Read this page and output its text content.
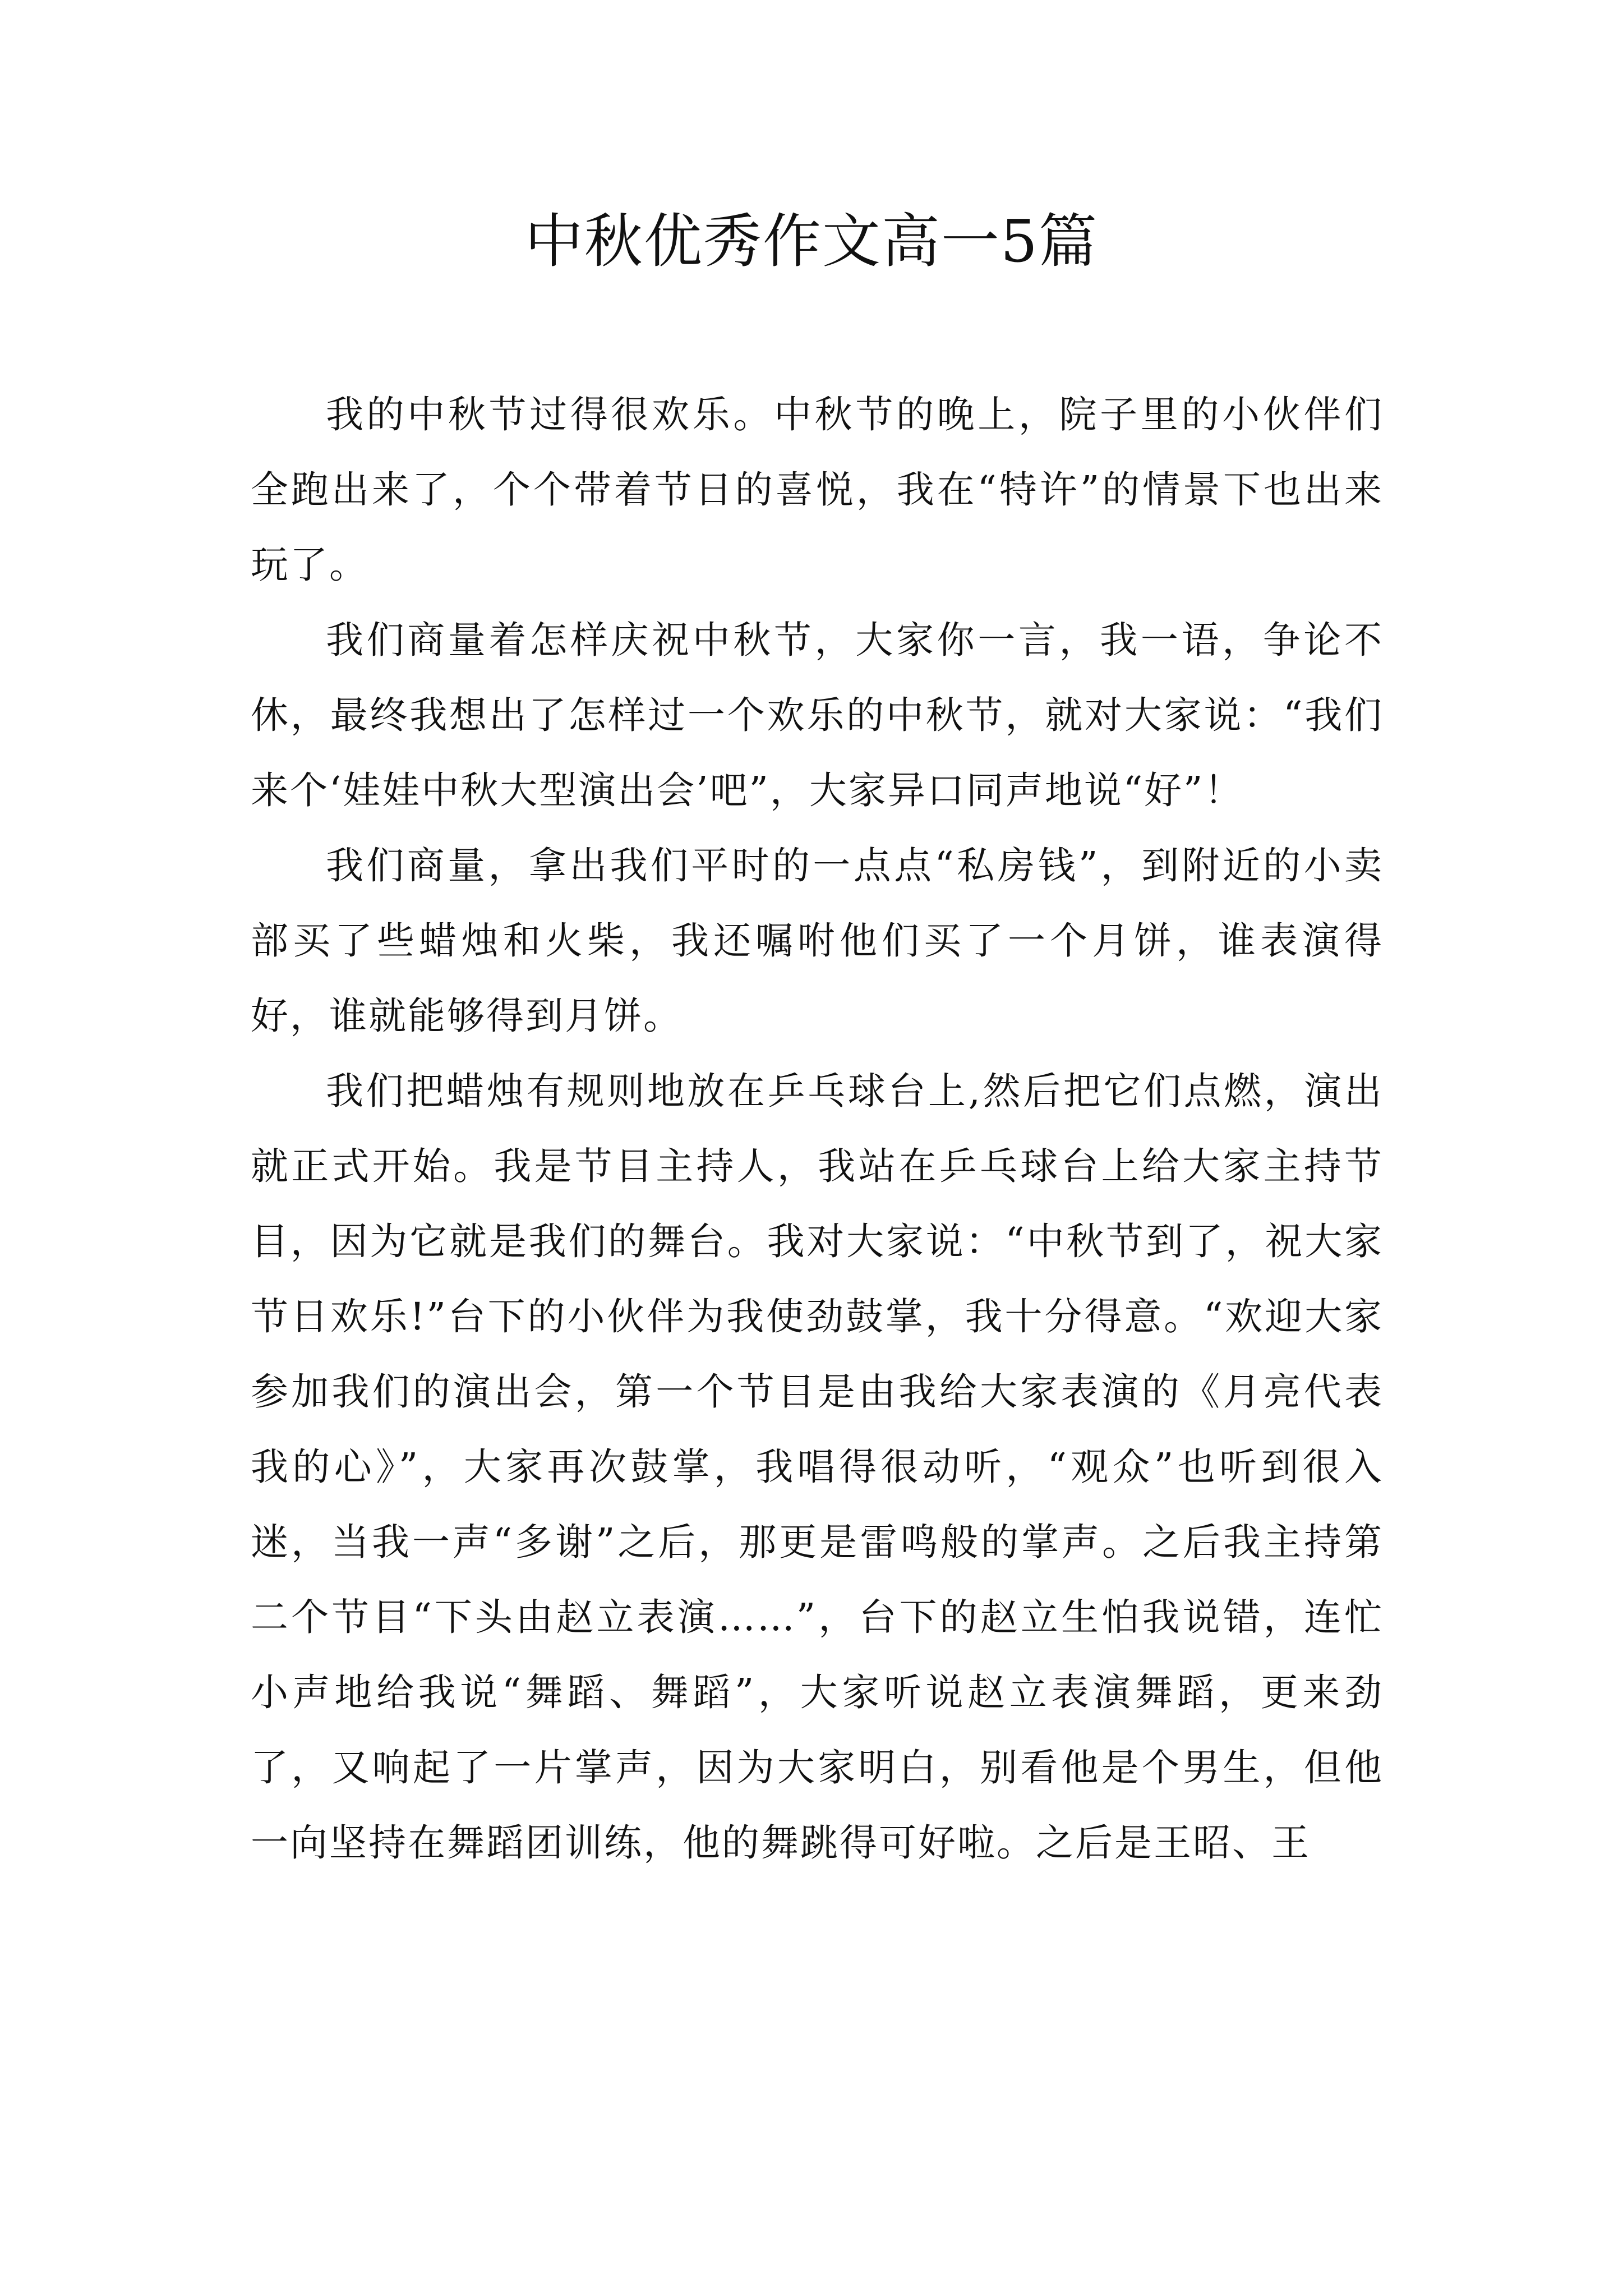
中秋优秀作文高一5篇

我的中秋节过得很欢乐。中秋节的晚上，院子里的小伙伴们全跑出来了，个个带着节日的喜悦，我在“特许”的情景下也出来玩了。

我们商量着怎样庆祝中秋节，大家你一言，我一语，争论不休，最终我想出了怎样过一个欢乐的中秋节，就对大家说：“我们来个‘娃娃中秋大型演出会’吧”，大家异口同声地说“好”！

我们商量，拿出我们平时的一点点“私房钱”，到附近的小卖部买了些蜡烛和火柴，我还嘱咐他们买了一个月饼，谁表演得好，谁就能够得到月饼。

我们把蜡烛有规则地放在乒乓球台上,然后把它们点燃，演出就正式开始。我是节目主持人，我站在乒乓球台上给大家主持节目，因为它就是我们的舞台。我对大家说：“中秋节到了，祝大家节日欢乐!”台下的小伙伴为我使劲鼓掌，我十分得意。“欢迎大家参加我们的演出会，第一个节目是由我给大家表演的《月亮代表我的心》”，大家再次鼓掌，我唱得很动听，“观众”也听到很入迷，当我一声“多谢”之后，那更是雷鸣般的掌声。之后我主持第二个节目“下头由赵立表演……”，台下的赵立生怕我说错，连忙小声地给我说“舞蹈、舞蹈”，大家听说赵立表演舞蹈，更来劲了，又响起了一片掌声，因为大家明白，别看他是个男生，但他一向坚持在舞蹈团训练，他的舞跳得可好啦。之后是王昭、王
